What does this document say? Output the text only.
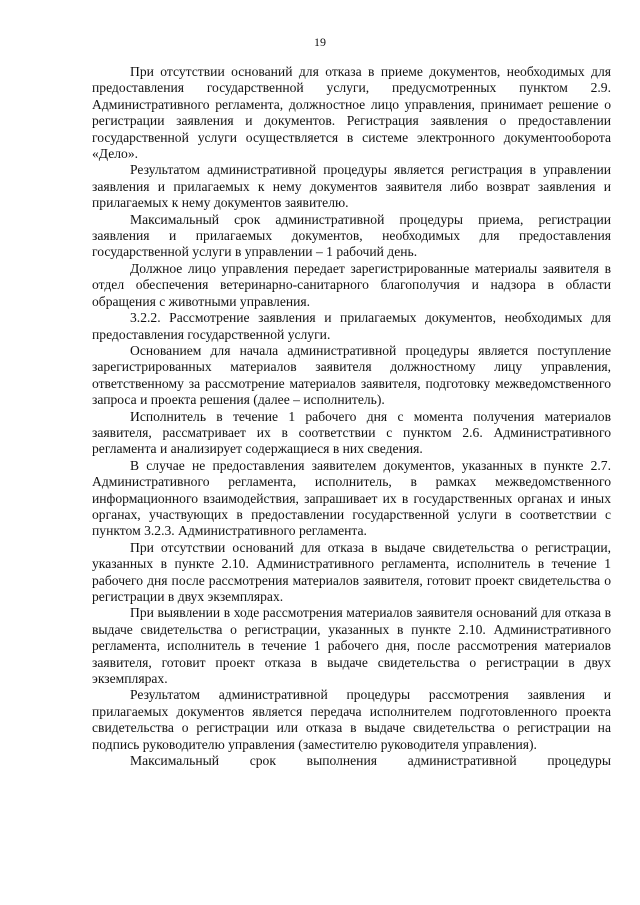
19

При отсутствии оснований для отказа в приеме документов, необходимых для предоставления государственной услуги, предусмотренных пунктом 2.9. Административного регламента, должностное лицо управления, принимает решение о регистрации заявления и документов. Регистрация заявления о предоставлении государственной услуги осуществляется в системе электронного документооборота «Дело».

Результатом административной процедуры является регистрация в управлении заявления и прилагаемых к нему документов заявителя либо возврат заявления и прилагаемых к нему документов заявителю.

Максимальный срок административной процедуры приема, регистрации заявления и прилагаемых документов, необходимых для предоставления государственной услуги в управлении – 1 рабочий день.

Должное лицо управления передает зарегистрированные материалы заявителя в отдел обеспечения ветеринарно-санитарного благополучия и надзора в области обращения с животными управления.

3.2.2. Рассмотрение заявления и прилагаемых документов, необходимых для предоставления государственной услуги.

Основанием для начала административной процедуры является поступление зарегистрированных материалов заявителя должностному лицу управления, ответственному за рассмотрение материалов заявителя, подготовку межведомственного запроса и проекта решения (далее – исполнитель).

Исполнитель в течение 1 рабочего дня с момента получения материалов заявителя, рассматривает их в соответствии с пунктом 2.6. Административного регламента и анализирует содержащиеся в них сведения.

В случае не предоставления заявителем документов, указанных в пункте 2.7. Административного регламента, исполнитель, в рамках межведомственного информационного взаимодействия, запрашивает их в государственных органах и иных органах, участвующих в предоставлении государственной услуги в соответствии с пунктом 3.2.3. Административного регламента.

При отсутствии оснований для отказа в выдаче свидетельства о регистрации, указанных в пункте 2.10. Административного регламента, исполнитель в течение 1 рабочего дня после рассмотрения материалов заявителя, готовит проект свидетельства о регистрации в двух экземплярах.

При выявлении в ходе рассмотрения материалов заявителя оснований для отказа в выдаче свидетельства о регистрации, указанных в пункте 2.10. Административного регламента, исполнитель в течение 1 рабочего дня, после рассмотрения материалов заявителя, готовит проект отказа в выдаче свидетельства о регистрации в двух экземплярах.

Результатом административной процедуры рассмотрения заявления и прилагаемых документов является передача исполнителем подготовленного проекта свидетельства о регистрации или отказа в выдаче свидетельства о регистрации на подпись руководителю управления (заместителю руководителя управления).

Максимальный срок выполнения административной процедуры
